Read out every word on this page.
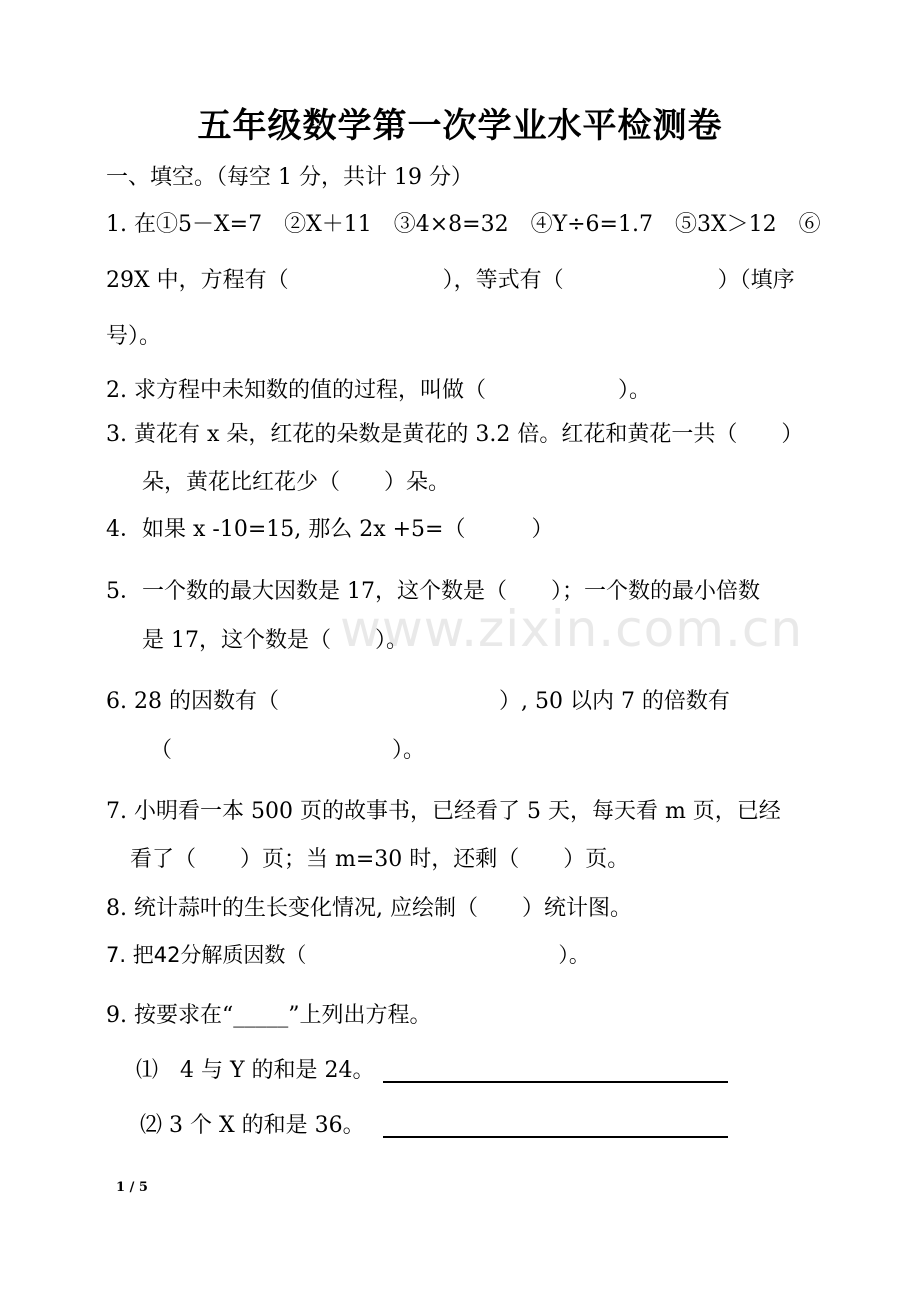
www.zixin.com.cn
五年级数学第一次学业水平检测卷
一、填空。（每空 1 分，共计 19 分）
1. 在①5－X=7　②X＋11　③4×8=32　④Y÷6=1.7　⑤3X＞12　⑥
29X 中，方程有（　　　　　　　），等式有（　　　　　　　）（填序
号）。
2. 求方程中未知数的值的过程，叫做（　　　　　　）。
3. 黄花有 x 朵，红花的朵数是黄花的 3.2 倍。红花和黄花一共（　　）
朵，黄花比红花少（　　）朵。
4．如果 x -10=15, 那么 2x +5=（　　　）
5．一个数的最大因数是 17，这个数是（　　）；一个数的最小倍数
是 17，这个数是（　　）。
6. 28 的因数有（　　　　　　　　　　）, 50 以内 7 的倍数有
（　　　　　　　　　　）。
7. 小明看一本 500 页的故事书，已经看了 5 天，每天看 m 页，已经
看了（　　）页；当 m=30 时，还剩（　　）页。
8. 统计蒜叶的生长变化情况, 应绘制（　　）统计图。
7. 把42分解质因数（　　　　　　　　　　　　）。
9. 按要求在“_____”上列出方程。
⑴　4 与 Y 的和是 24。
⑵ 3 个 X 的和是 36。
1 / 5
